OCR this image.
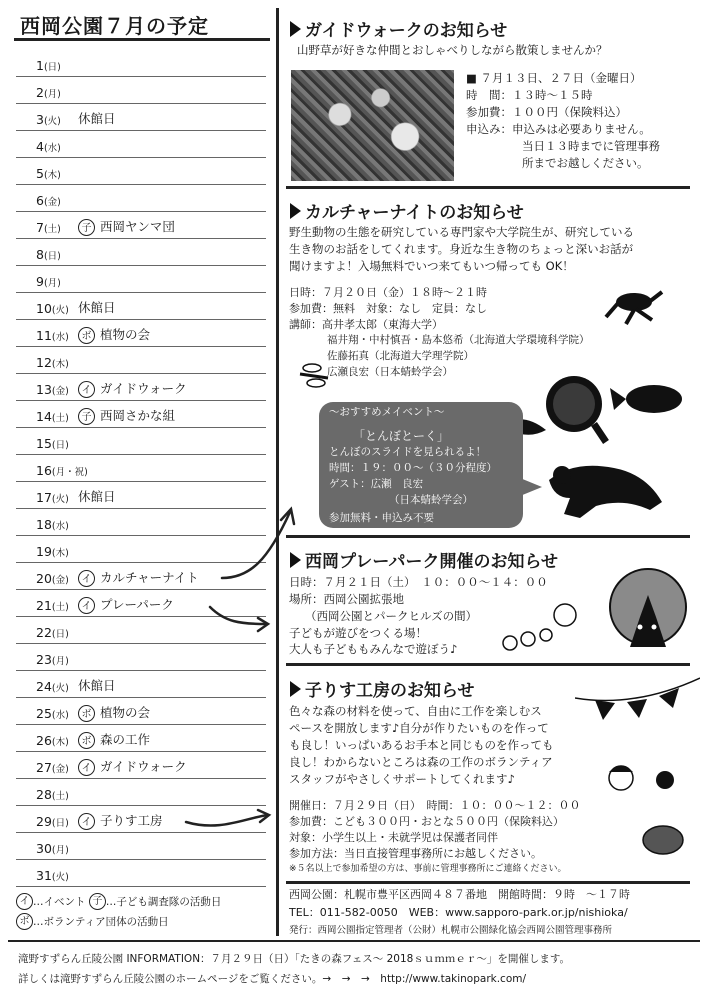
西岡公園７月の予定
1(日)
2(月)
3(火) 休館日
4(水)
5(木)
6(金)
7(土)	子 西岡ヤンマ団
8(日)
9(月)
10(火) 休館日
11(水)	ボ 植物の会
12(木)
13(金)	イ ガイドウォーク
14(土)	子 西岡さかな組
15(日)
16(月・祝)
17(火) 休館日
18(水)
19(木)
20(金)	イ カルチャーナイト
21(土)	イ プレーパーク
22(日)
23(月)
24(火) 休館日
25(水)	ボ 植物の会
26(木)	ボ 森の工作
27(金)	イ ガイドウォーク
28(土)
29(日)	イ 子りす工房
30(月)
31(火)
イ …イベント 子 …子ども調査隊の活動日
ボ …ボランティア団体の活動日
ガイドウォークのお知らせ
山野草が好きな仲間とおしゃべりしながら散策しませんか？
■ ７月１３日、２７日（金曜日）
時　間：１３時～１５時
参加費：１００円（保険料込）
申込み：申込みは必要ありません。
当日１３時までに管理事務
所までお越しください。
カルチャーナイトのお知らせ
野生動物の生態を研究している専門家や大学院生が、研究している
生き物のお話をしてくれます。身近な生き物のちょっと深いお話が
聞けますよ！入場無料でいつ来てもいつ帰っても OK！
日時：７月２０日（金）１８時～２１時
参加費：無料　対象：なし　定員：なし
講師：高井孝太郎（東海大学）
福井翔・中村慎吾・島本悠希（北海道大学環境科学院）
佐藤拓真（北海道大学理学院）
広瀬良宏（日本蜻蛉学会）
～おすすめメイベント～
「とんぼとーく」
とんぼのスライドを見られるよ！
時間：１９：００～（３０分程度）
ゲスト：広瀬　良宏
（日本蜻蛉学会）
参加無料・申込み不要
西岡プレーパーク開催のお知らせ
日時：７月２１日（土）　１０：００～１４：００
場所：西岡公園拡張地
（西岡公園とパークヒルズの間）
子どもが遊びをつくる場！
大人も子どももみんなで遊ぼう♪
子りす工房のお知らせ
色々な森の材料を使って、自由に工作を楽しむス
ペースを開放します♪自分が作りたいものを作って
も良し！いっぱいあるお手本と同じものを作っても
良し！わからないところは森の工作のボランティア
スタッフがやさしくサポートしてくれます♪
開催日：７月２９日（日）　時間：１０：００～１２：００
参加費：こども３００円・おとな５００円（保険料込）
対象：小学生以上・未就学児は保護者同伴
参加方法：当日直接管理事務所にお越しください。
※５名以上で参加希望の方は、事前に管理事務所にご連絡ください。
西岡公園：札幌市豊平区西岡４８７番地　開館時間：９時　～１７時
TEL：011-582-0050　WEB：www.sapporo-park.or.jp/nishioka/
発行：西岡公園指定管理者（公財）札幌市公園緑化協会西岡公園管理事務所
滝野すずらん丘陵公園 INFORMATION：７月２９日（日）「たきの森フェス～ 2018ｓｕｍｍｅｒ～」を開催します。
詳しくは滝野すずらん丘陵公園のホームページをご覧ください。→　→　→　http://www.takinopark.com/
